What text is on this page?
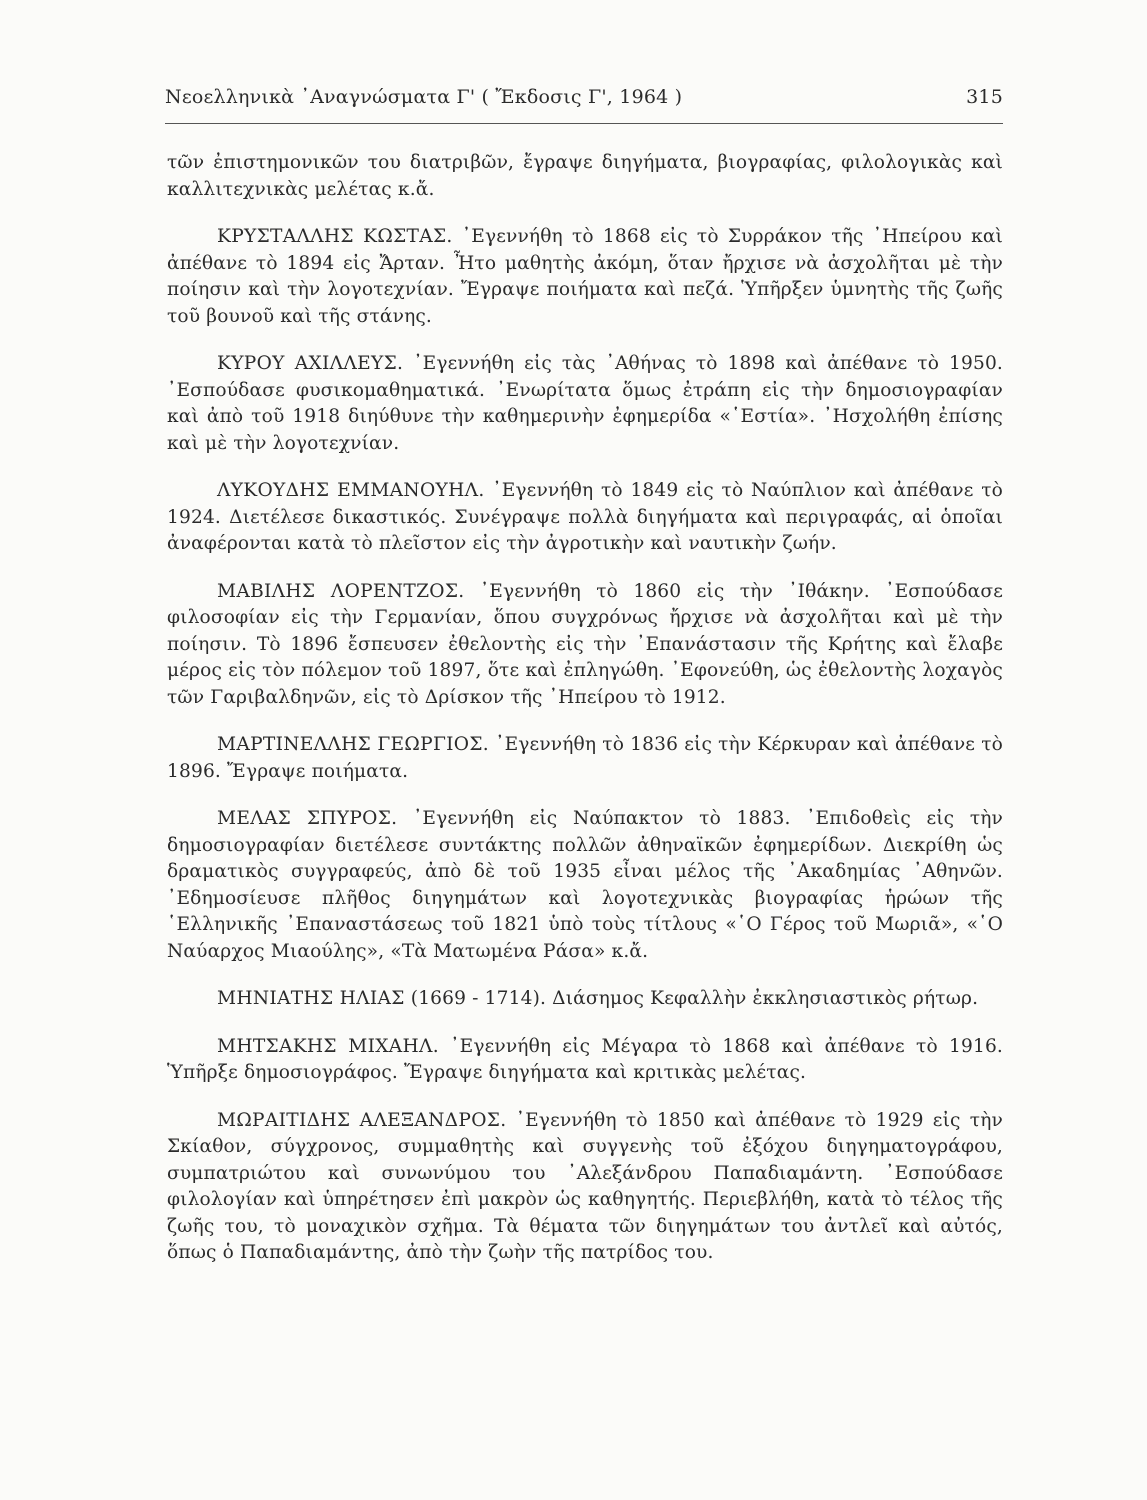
Νεοελληνικὰ ᾿Αναγνώσματα Γ' ( Ἔκδοσις Γ', 1964 )	315

τῶν ἐπιστημονικῶν του διατριβῶν, ἔγραψε διηγήματα, βιογραφίας, φιλολογικὰς καὶ καλλιτεχνικὰς μελέτας κ.ἄ.

ΚΡΥΣΤΑΛΛΗΣ ΚΩΣΤΑΣ. ᾿Εγεννήθη τὸ 1868 εἰς τὸ Συρράκον τῆς ᾿Ηπείρου καὶ ἀπέθανε τὸ 1894 εἰς Ἄρταν. Ἦτο μαθητὴς ἀκόμη, ὅταν ἤρχισε νὰ ἀσχολῆται μὲ τὴν ποίησιν καὶ τὴν λογοτεχνίαν. Ἔγραψε ποιήματα καὶ πεζά. Ὑπῆρξεν ὑμνητὴς τῆς ζωῆς τοῦ βουνοῦ καὶ τῆς στάνης.

ΚΥΡΟΥ ΑΧΙΛΛΕΥΣ. ᾿Εγεννήθη εἰς τὰς ᾿Αθήνας τὸ 1898 καὶ ἀπέθανε τὸ 1950. ᾿Εσπούδασε φυσικομαθηματικά. ᾿Ενωρίτατα ὅμως ἐτράπη εἰς τὴν δημοσιογραφίαν καὶ ἀπὸ τοῦ 1918 διηύθυνε τὴν καθημερινὴν ἐφημερίδα «῾Εστία». ᾿Ησχολήθη ἐπίσης καὶ μὲ τὴν λογοτεχνίαν.

ΛΥΚΟΥΔΗΣ ΕΜΜΑΝΟΥΗΛ. ᾿Εγεννήθη τὸ 1849 εἰς τὸ Ναύπλιον καὶ ἀπέθανε τὸ 1924. Διετέλεσε δικαστικός. Συνέγραψε πολλὰ διηγήματα καὶ περιγραφάς, αἱ ὁποῖαι ἀναφέρονται κατὰ τὸ πλεῖστον εἰς τὴν ἀγροτικὴν καὶ ναυτικὴν ζωήν.

ΜΑΒΙΛΗΣ ΛΟΡΕΝΤΖΟΣ. ᾿Εγεννήθη τὸ 1860 εἰς τὴν ᾿Ιθάκην. ᾿Εσπούδασε φιλοσοφίαν εἰς τὴν Γερμανίαν, ὅπου συγχρόνως ἤρχισε νὰ ἀσχολῆται καὶ μὲ τὴν ποίησιν. Τὸ 1896 ἔσπευσεν ἐθελοντὴς εἰς τὴν ᾿Επανάστασιν τῆς Κρήτης καὶ ἔλαβε μέρος εἰς τὸν πόλεμον τοῦ 1897, ὅτε καὶ ἐπληγώθη. ᾿Εφονεύθη, ὡς ἐθελοντὴς λοχαγὸς τῶν Γαριβαλδηνῶν, εἰς τὸ Δρίσκον τῆς ᾿Ηπείρου τὸ 1912.

ΜΑΡΤΙΝΕΛΛΗΣ ΓΕΩΡΓΙΟΣ. ᾿Εγεννήθη τὸ 1836 εἰς τὴν Κέρκυραν καὶ ἀπέθανε τὸ 1896. Ἔγραψε ποιήματα.

ΜΕΛΑΣ ΣΠΥΡΟΣ. ᾿Εγεννήθη εἰς Ναύπακτον τὸ 1883. ᾿Επιδοθεὶς εἰς τὴν δημοσιογραφίαν διετέλεσε συντάκτης πολλῶν ἀθηναϊκῶν ἐφημερίδων. Διεκρίθη ὡς δραματικὸς συγγραφεύς, ἀπὸ δὲ τοῦ 1935 εἶναι μέλος τῆς ᾿Ακαδημίας ᾿Αθηνῶν. ᾿Εδημοσίευσε πλῆθος διηγημάτων καὶ λογοτεχνικὰς βιογραφίας ἡρώων τῆς ῾Ελληνικῆς ᾿Επαναστάσεως τοῦ 1821 ὑπὸ τοὺς τίτλους «῾Ο Γέρος τοῦ Μωριᾶ», «῾Ο Ναύαρχος Μιαούλης», «Τὰ Ματωμένα Ράσα» κ.ἄ.

ΜΗΝΙΑΤΗΣ ΗΛΙΑΣ (1669 - 1714). Διάσημος Κεφαλλὴν ἐκκλησιαστικὸς ρήτωρ.

ΜΗΤΣΑΚΗΣ ΜΙΧΑΗΛ. ᾿Εγεννήθη εἰς Μέγαρα τὸ 1868 καὶ ἀπέθανε τὸ 1916. Ὑπῆρξε δημοσιογράφος. Ἔγραψε διηγήματα καὶ κριτικὰς μελέτας.

ΜΩΡΑΙΤΙΔΗΣ ΑΛΕΞΑΝΔΡΟΣ. ᾿Εγεννήθη τὸ 1850 καὶ ἀπέθανε τὸ 1929 εἰς τὴν Σκίαθον, σύγχρονος, συμμαθητὴς καὶ συγγενὴς τοῦ ἐξόχου διηγηματογράφου, συμπατριώτου καὶ συνωνύμου του ᾿Αλεξάνδρου Παπαδιαμάντη. ᾿Εσπούδασε φιλολογίαν καὶ ὑπηρέτησεν ἐπὶ μακρὸν ὡς καθηγητής. Περιεβλήθη, κατὰ τὸ τέλος τῆς ζωῆς του, τὸ μοναχικὸν σχῆμα. Τὰ θέματα τῶν διηγημάτων του ἀντλεῖ καὶ αὐτός, ὅπως ὁ Παπαδιαμάντης, ἀπὸ τὴν ζωὴν τῆς πατρίδος του.
